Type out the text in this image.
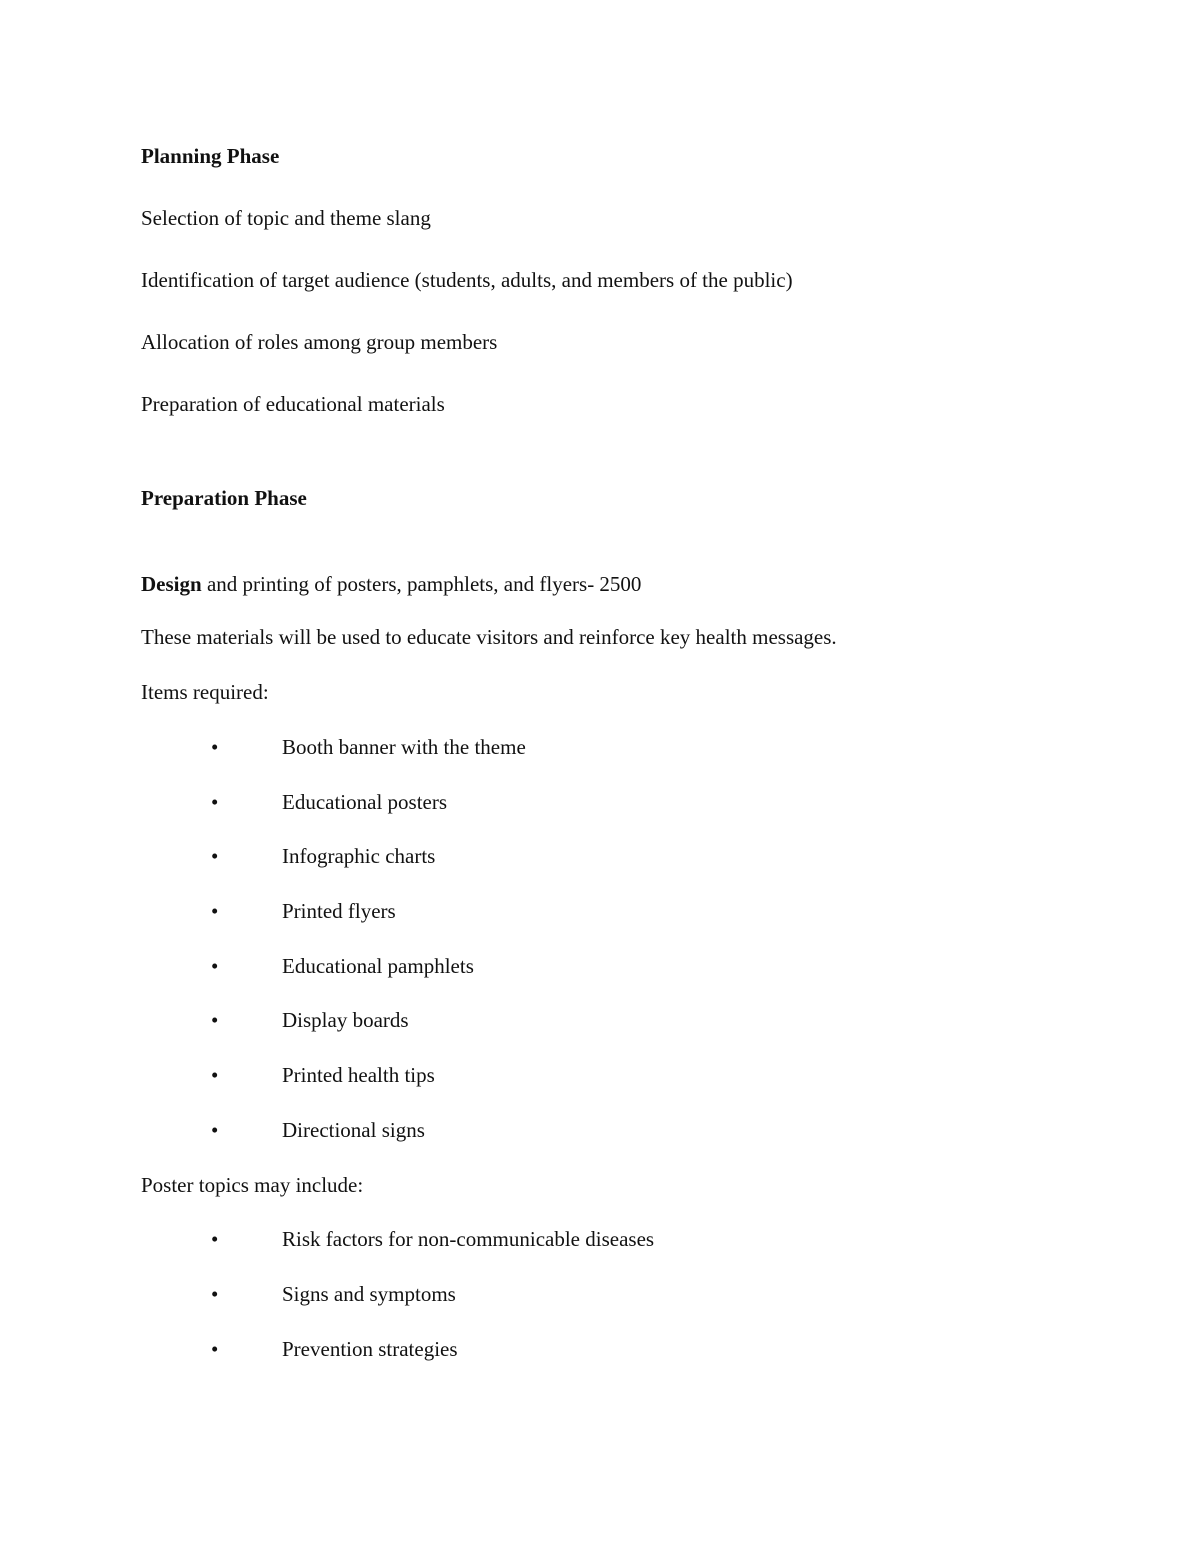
Planning Phase
Selection of topic and theme slang
Identification of target audience (students, adults, and members of the public)
Allocation of roles among group members
Preparation of educational materials
Preparation Phase
Design and printing of posters, pamphlets, and flyers- 2500
These materials will be used to educate visitors and reinforce key health messages.
Items required:
•	Booth banner with the theme
•	Educational posters
•	Infographic charts
•	Printed flyers
•	Educational pamphlets
•	Display boards
•	Printed health tips
•	Directional signs
Poster topics may include:
•	Risk factors for non-communicable diseases
•	Signs and symptoms
•	Prevention strategies
